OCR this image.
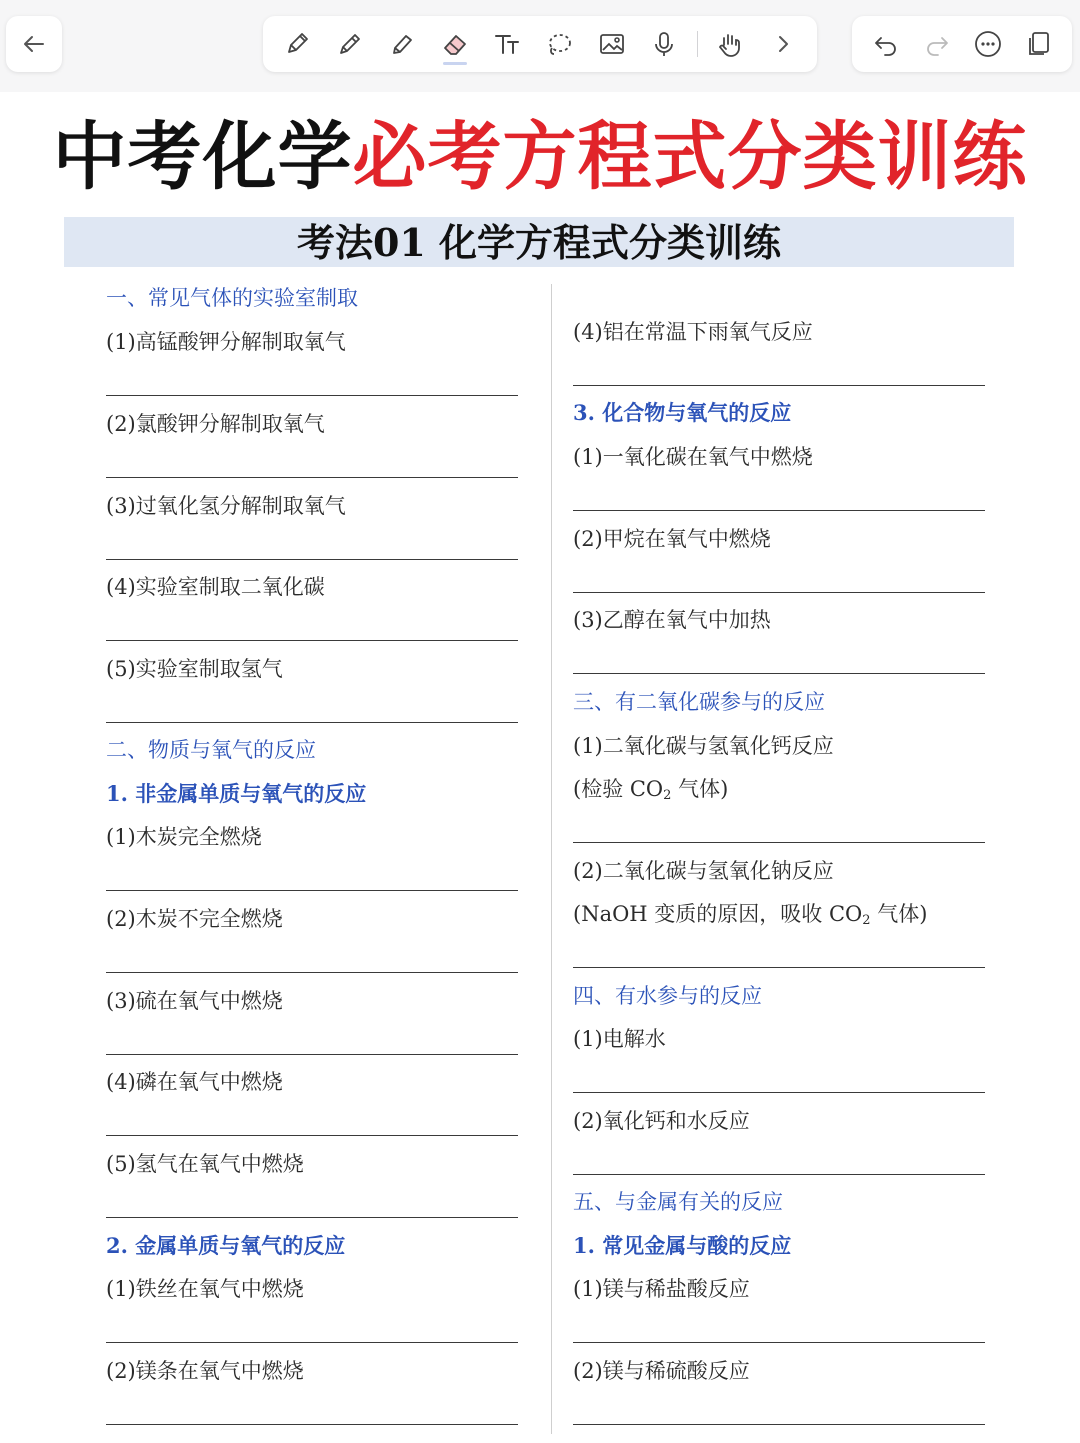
中考化学必考方程式分类训练
考法01 化学方程式分类训练
一、常见气体的实验室制取
(1)高锰酸钾分解制取氧气
(2)氯酸钾分解制取氧气
(3)过氧化氢分解制取氧气
(4)实验室制取二氧化碳
(5)实验室制取氢气
二、物质与氧气的反应
1. 非金属单质与氧气的反应
(1)木炭完全燃烧
(2)木炭不完全燃烧
(3)硫在氧气中燃烧
(4)磷在氧气中燃烧
(5)氢气在氧气中燃烧
2. 金属单质与氧气的反应
(1)铁丝在氧气中燃烧
(2)镁条在氧气中燃烧
(4)铝在常温下雨氧气反应
3. 化合物与氧气的反应
(1)一氧化碳在氧气中燃烧
(2)甲烷在氧气中燃烧
(3)乙醇在氧气中加热
三、有二氧化碳参与的反应
(1)二氧化碳与氢氧化钙反应
(检验 $CO_2$ 气体)
(2)二氧化碳与氢氧化钠反应
(NaOH 变质的原因，吸收 $CO_2$ 气体)
四、有水参与的反应
(1)电解水
(2)氧化钙和水反应
五、与金属有关的反应
1. 常见金属与酸的反应
(1)镁与稀盐酸反应
(2)镁与稀硫酸反应
